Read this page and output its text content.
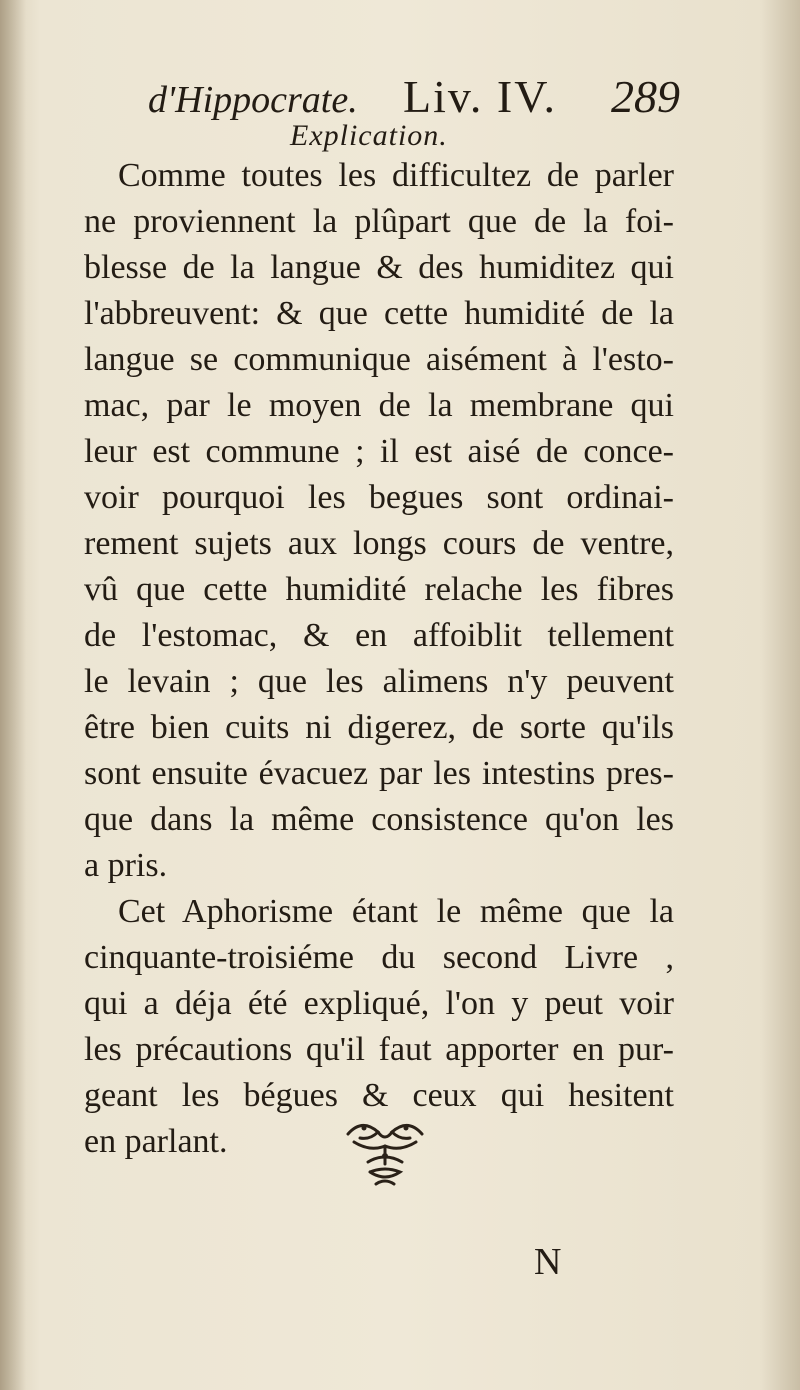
d'Hippocrate. Liv. IV. 289
Explication.
Comme toutes les difficultez de parler
ne proviennent la plûpart que de la foi-
blesse de la langue & des humiditez qui
l'abbreuvent: & que cette humidité de la
langue se communique aisément à l'esto-
mac, par le moyen de la membrane qui
leur est commune ; il est aisé de conce-
voir pourquoi les begues sont ordinai-
rement sujets aux longs cours de ventre,
vû que cette humidité relache les fibres
de l'estomac, & en affoiblit tellement
le levain ; que les alimens n'y peuvent
être bien cuits ni digerez, de sorte qu'ils
sont ensuite évacuez par les intestins pres-
que dans la même consistence qu'on les
a pris.
Cet Aphorisme étant le même que la
cinquante-troisiéme du second Livre ,
qui a déja été expliqué, l'on y peut voir
les précautions qu'il faut apporter en pur-
geant les bégues & ceux qui hesitent
en parlant.
N
